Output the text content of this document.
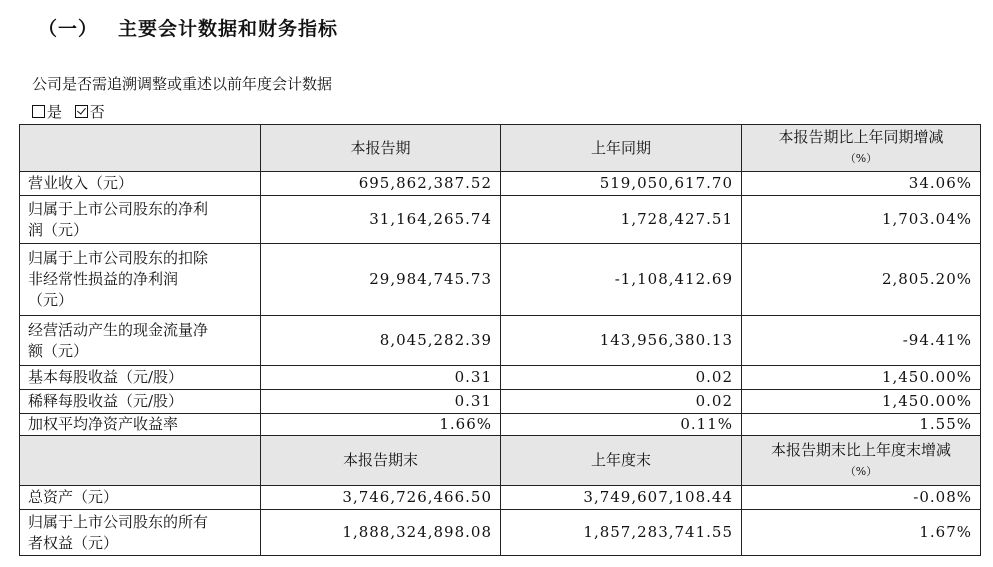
（一） 主要会计数据和财务指标
公司是否需追溯调整或重述以前年度会计数据
是 否
	本报告期	上年同期	本报告期比上年同期增减
（%）

营业收入（元）	695,862,387.52	519,050,617.70	34.06%

归属于上市公司股东的净利
润（元）	31,164,265.74	1,728,427.51	1,703.04%

归属于上市公司股东的扣除
非经常性损益的净利润
（元）	29,984,745.73	-1,108,412.69	2,805.20%

经营活动产生的现金流量净
额（元）	8,045,282.39	143,956,380.13	-94.41%
基本每股收益（元/股）	0.31	0.02	1,450.00%
稀释每股收益（元/股）	0.31	0.02	1,450.00%
加权平均净资产收益率	1.66%	0.11%	1.55%
	本报告期末	上年度末	本报告期末比上年度末增减
（%）

总资产（元）	3,746,726,466.50	3,749,607,108.44	-0.08%

归属于上市公司股东的所有
者权益（元）	1,888,324,898.08	1,857,283,741.55	1.67%
